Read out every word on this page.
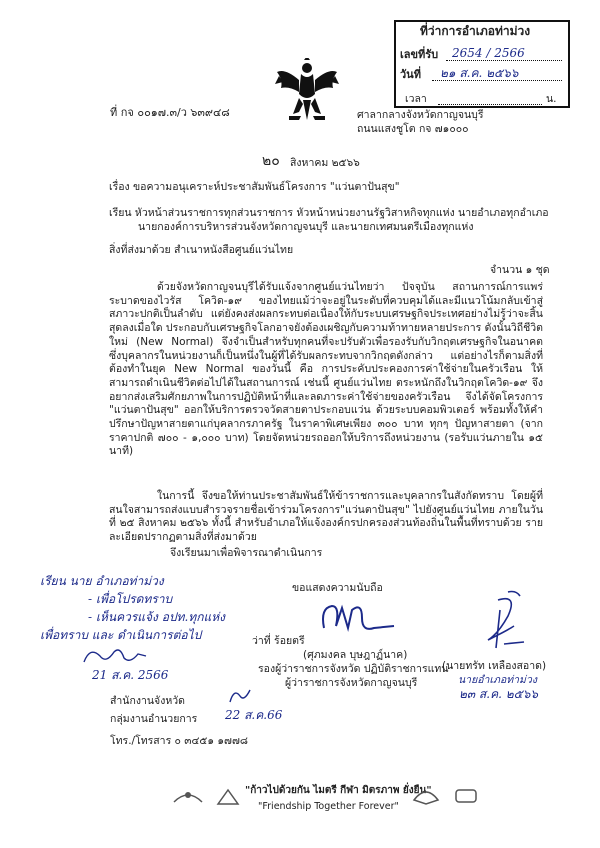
ที่ว่าการอำเภอท่าม่วง
เลขที่รับ 2654 / 2566
วันที่ ๒๑ ส.ค. ๒๕๖๖
เวลา	น.
ที่ กจ ๐๐๑๗.๓/ว ๖๓๙๔๘	ศาลากลางจังหวัดกาญจนบุรี
ถนนแสงชูโต กจ ๗๑๐๐๐
๒๐ สิงหาคม ๒๕๖๖
เรื่อง ขอความอนุเคราะห์ประชาสัมพันธ์โครงการ "แว่นตาปันสุข"
เรียน หัวหน้าส่วนราชการทุกส่วนราชการ หัวหน้าหน่วยงานรัฐวิสาหกิจทุกแห่ง นายอำเภอทุกอำเภอ
นายกองค์การบริหารส่วนจังหวัดกาญจนบุรี และนายกเทศมนตรีเมืองทุกแห่ง
สิ่งที่ส่งมาด้วย สำเนาหนังสือศูนย์แว่นไทย
จำนวน ๑ ชุด
ด้วยจังหวัดกาญจนบุรีได้รับแจ้งจากศูนย์แว่นไทยว่า ปัจจุบัน สถานการณ์การแพร่ระบาดของไวรัส โควิด-๑๙ ของไทยแม้ว่าจะอยู่ในระดับที่ควบคุมได้และมีแนวโน้มกลับเข้าสู่สภาวะปกติเป็นลำดับ แต่ยังคงส่งผลกระทบต่อเนื่องให้กับระบบเศรษฐกิจประเทศอย่างไม่รู้ว่าจะสิ้นสุดลงเมื่อใด ประกอบกับเศรษฐกิจโลกอาจยังต้องเผชิญกับความท้าทายหลายประการ ดังนั้นวิถีชีวิตใหม่ (New Normal) จึงจำเป็นสำหรับทุกคนที่จะปรับตัวเพื่อรองรับกับวิกฤตเศรษฐกิจในอนาคต ซึ่งบุคลากรในหน่วยงานก็เป็นหนึ่งในผู้ที่ได้รับผลกระทบจากวิกฤตดังกล่าว แต่อย่างไรก็ตามสิ่งที่ต้องทำในยุค New Normal ของวันนี้ คือ การประคับประคองการค่าใช้จ่ายในครัวเรือน ให้สามารถดำเนินชีวิตต่อไปได้ในสถานการณ์ เช่นนี้ ศูนย์แว่นไทย ตระหนักถึงในวิกฤตโควิด-๑๙ จึงอยากส่งเสริมศักยภาพในการปฏิบัติหน้าที่และลดภาระค่าใช้จ่ายของครัวเรือน จึงได้จัดโครงการ "แว่นตาปันสุข" ออกให้บริการตรวจวัดสายตาประกอบแว่น ด้วยระบบคอมพิวเตอร์ พร้อมทั้งให้คำปรึกษาปัญหาสายตาแก่บุคลากรภาครัฐ ในราคาพิเศษเพียง ๓๐๐ บาท ทุกๆ ปัญหาสายตา (จากราคาปกติ ๗๐๐ - ๑,๐๐๐ บาท) โดยจัดหน่วยรถออกให้บริการถึงหน่วยงาน (รอรับแว่นภายใน ๑๕ นาที)
ในการนี้ จึงขอให้ท่านประชาสัมพันธ์ให้ข้าราชการและบุคลากรในสังกัดทราบ โดยผู้ที่สนใจสามารถส่งแบบสำรวจรายชื่อเข้าร่วมโครงการ"แว่นตาปันสุข" ไปยังศูนย์แว่นไทย ภายในวันที่ ๒๕ สิงหาคม ๒๕๖๖ ทั้งนี้ สำหรับอำเภอให้แจ้งองค์กรปกครองส่วนท้องถิ่นในพื้นที่ทราบด้วย รายละเอียดปรากฏตามสิ่งที่ส่งมาด้วย
จึงเรียนมาเพื่อพิจารณาดำเนินการ
เรียน นาย อำเภอท่าม่วง
- เพื่อโปรดทราบ
- เห็นควรแจ้ง อปท.ทุกแห่ง
เพื่อทราบ และ ดำเนินการต่อไป
21 ส.ค. 2566
ขอแสดงความนับถือ
ว่าที่ ร้อยตรี
(ศุภมงคล บุษฎาฏ์นาค)
รองผู้ว่าราชการจังหวัด ปฏิบัติราชการแทน
ผู้ว่าราชการจังหวัดกาญจนบุรี
(นายทรัท เหลืองสอาด)
นายอำเภอท่าม่วง
๒๓ ส.ค. ๒๕๖๖
สำนักงานจังหวัด
กลุ่มงานอำนวยการ 22 ส.ค.66
โทร./โทรสาร ๐ ๓๔๕๑ ๑๗๗๘
"ก้าวไปด้วยกัน ไมตรี กีฬา มิตรภาพ ยั่งยืน"
"Friendship Together Forever"
